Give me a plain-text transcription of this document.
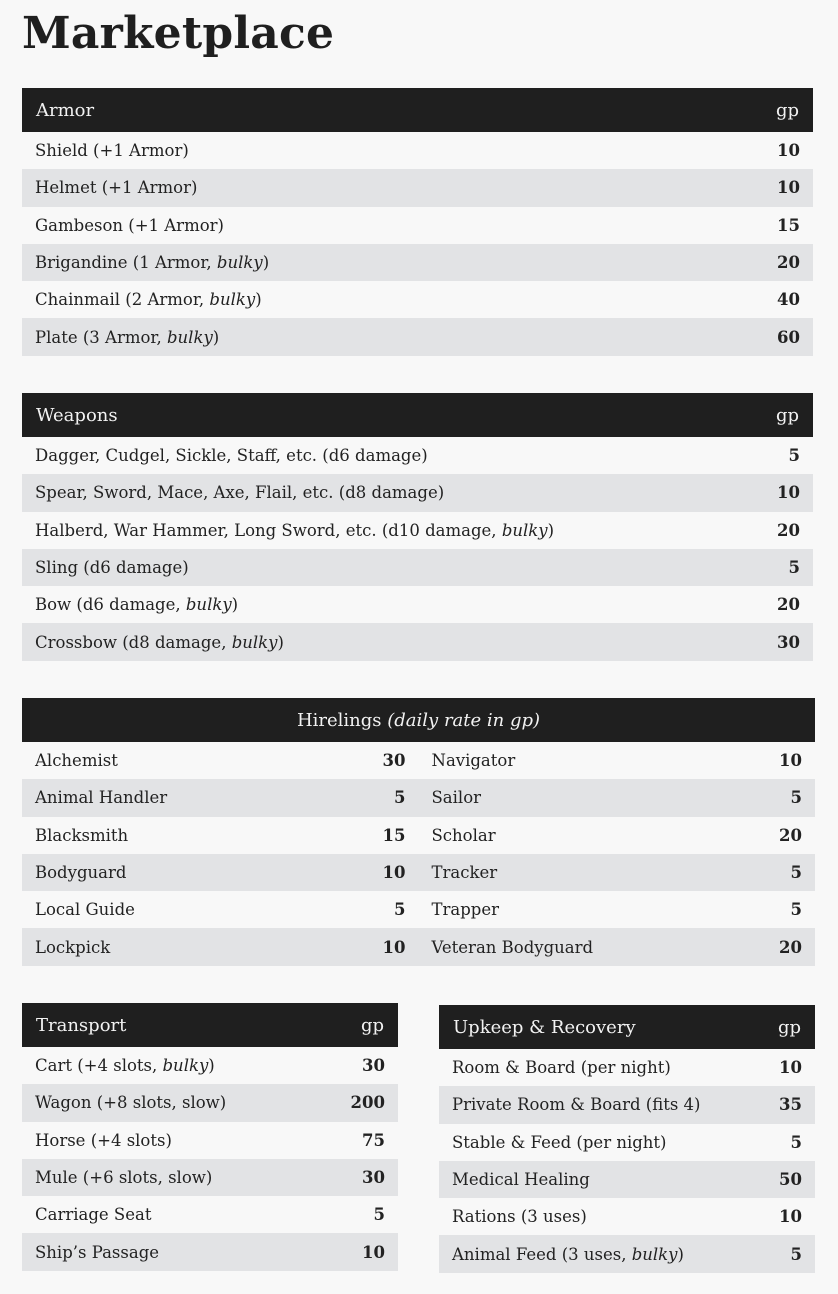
Marketplace
Armor	gp
Shield (+1 Armor)	10
Helmet (+1 Armor)	10
Gambeson (+1 Armor)	15
Brigandine (1 Armor, bulky)	20
Chainmail (2 Armor, bulky)	40
Plate (3 Armor, bulky)	60
Weapons	gp
Dagger, Cudgel, Sickle, Staff, etc. (d6 damage)	5
Spear, Sword, Mace, Axe, Flail, etc. (d8 damage)	10
Halberd, War Hammer, Long Sword, etc. (d10 damage, bulky)	20
Sling (d6 damage)	5
Bow (d6 damage, bulky)	20
Crossbow (d8 damage, bulky)	30
Hirelings (daily rate in gp)
Alchemist	30 Navigator	10
Animal Handler	5 Sailor	5
Blacksmith	15 Scholar	20
Bodyguard	10 Tracker	5
Local Guide	5 Trapper	5
Lockpick	10 Veteran Bodyguard	20
Transport	gp
Cart (+4 slots, bulky)	30
Wagon (+8 slots, slow)	200
Horse (+4 slots)	75
Mule (+6 slots, slow)	30
Carriage Seat	5
Ship’s Passage	10
Upkeep & Recovery	gp
Room & Board (per night)	10
Private Room & Board (fits 4)	35
Stable & Feed (per night)	5
Medical Healing	50
Rations (3 uses)	10
Animal Feed (3 uses, bulky)	5
